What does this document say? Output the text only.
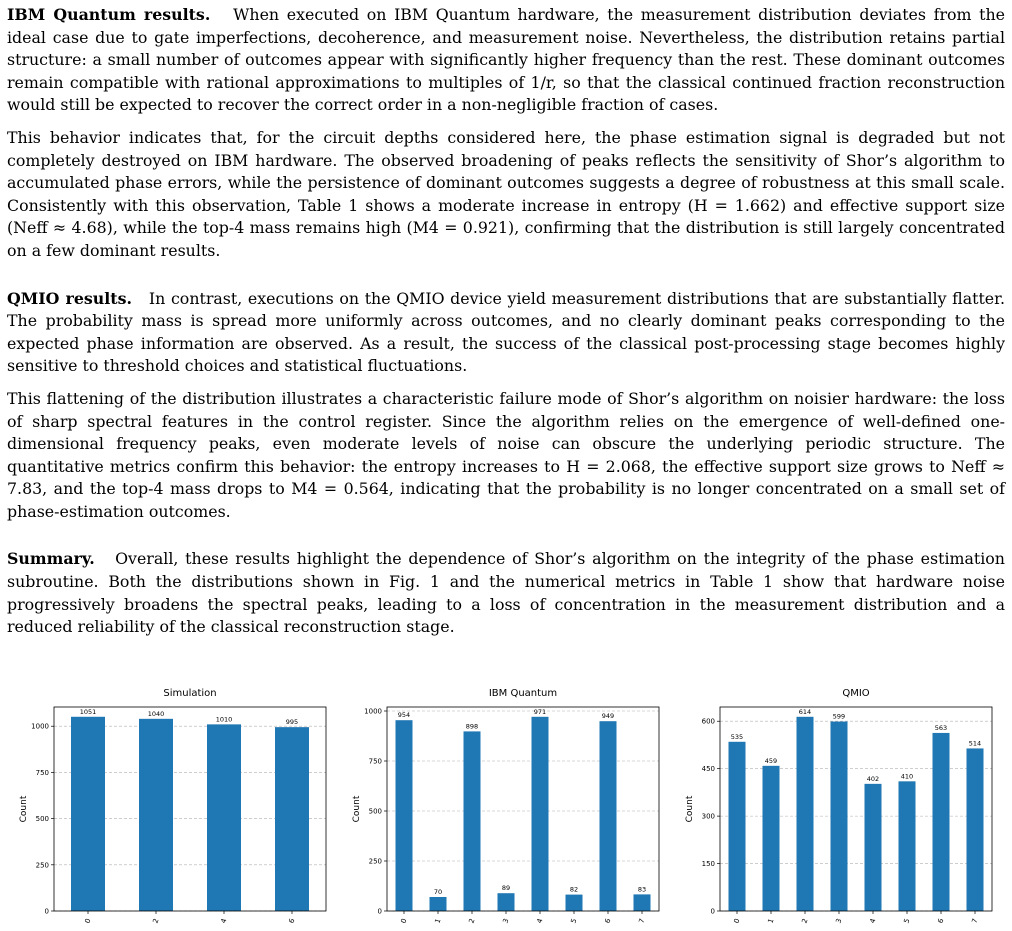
IBM Quantum results. When executed on IBM Quantum hardware, the measurement distribution deviates from the ideal case due to gate imperfections, decoherence, and measurement noise. Nevertheless, the distribution retains partial structure: a small number of outcomes appear with significantly higher frequency than the rest. These dominant outcomes remain compatible with rational approximations to multiples of 1/r, so that the classical continued fraction reconstruction would still be expected to recover the correct order in a non-negligible fraction of cases.

This behavior indicates that, for the circuit depths considered here, the phase estimation signal is degraded but not completely destroyed on IBM hardware. The observed broadening of peaks reflects the sensitivity of Shor’s algorithm to accumulated phase errors, while the persistence of dominant outcomes suggests a degree of robustness at this small scale. Consistently with this observation, Table 1 shows a moderate increase in entropy (H = 1.662) and effective support size (Neff ≈ 4.68), while the top-4 mass remains high (M4 = 0.921), confirming that the distribution is still largely concentrated on a few dominant results.

QMIO results. In contrast, executions on the QMIO device yield measurement distributions that are substantially flatter. The probability mass is spread more uniformly across outcomes, and no clearly dominant peaks corresponding to the expected phase information are observed. As a result, the success of the classical post-processing stage becomes highly sensitive to threshold choices and statistical fluctuations.

This flattening of the distribution illustrates a characteristic failure mode of Shor’s algorithm on noisier hardware: the loss of sharp spectral features in the control register. Since the algorithm relies on the emergence of well-defined one-dimensional frequency peaks, even moderate levels of noise can obscure the underlying periodic structure. The quantitative metrics confirm this behavior: the entropy increases to H = 2.068, the effective support size grows to Neff ≈ 7.83, and the top-4 mass drops to M4 = 0.564, indicating that the probability is no longer concentrated on a small set of phase-estimation outcomes.

Summary. Overall, these results highlight the dependence of Shor’s algorithm on the integrity of the phase estimation subroutine. Both the distributions shown in Fig. 1 and the numerical metrics in Table 1 show that hardware noise progressively broadens the spectral peaks, leading to a loss of concentration in the measurement distribution and a reduced reliability of the classical reconstruction stage.

Simulation
0
250
500
750
1000
1051
0
1040
2
1010
4
995
6
Count
IBM Quantum
0
250
500
750
1000 954
0
70
1
898
2
89
3
971
4
82
5
949
6
83
7
Count
QMIO
0
150
300
450
600
535
0
459
1
614
2
599
3
402
4
410
5
563
6
514
7
Count
